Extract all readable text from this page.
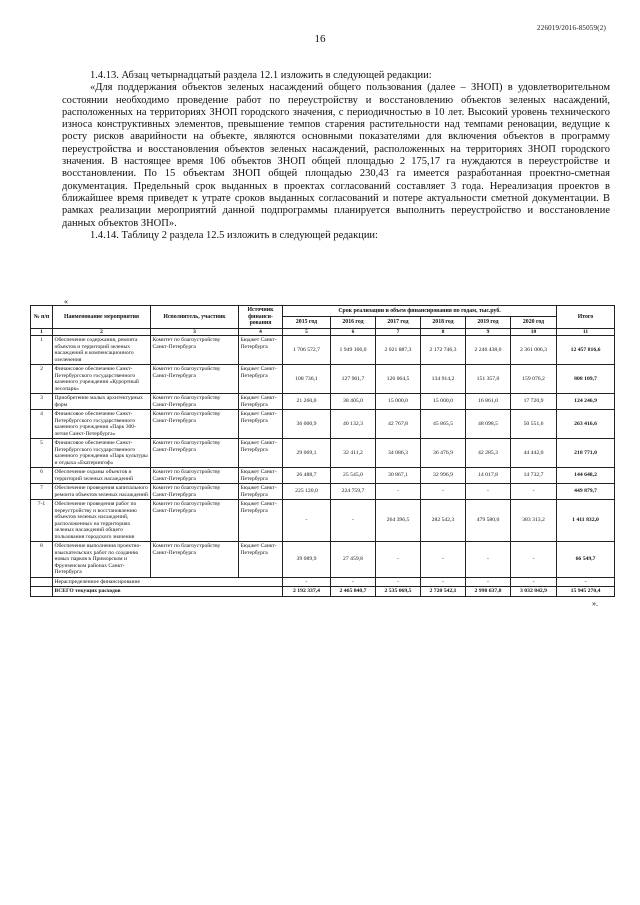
226019/2016-85059(2)
16

1.4.13. Абзац четырнадцатый раздела 12.1 изложить в следующей редакции:

«Для поддержания объектов зеленых насаждений общего пользования (далее – ЗНОП) в удовлетворительном состоянии необходимо проведение работ по переустройству и восстановлению объектов зеленых насаждений, расположенных на территориях ЗНОП городского значения, с периодичностью в 10 лет. Высокий уровень технического износа конструктивных элементов, превышение темпов старения растительности над темпами реновации, ведущие к росту рисков аварийности на объекте, являются основными показателями для включения объектов в программу переустройства и восстановления объектов зеленых насаждений, расположенных на территориях ЗНОП городского значения. В настоящее время 106 объектов ЗНОП общей площадью 2 175,17 га нуждаются в переустройстве и восстановлении. По 15 объектам ЗНОП общей площадью 230,43 га имеется разработанная проектно-сметная документация. Предельный срок выданных в проектах согласований составляет 3 года. Нереализация проектов в ближайшее время приведет к утрате сроков выданных согласований и потере актуальности сметной документации. В рамках реализации мероприятий данной подпрограммы планируется выполнить переустройство и восстановление данных объектов ЗНОП».

1.4.14. Таблицу 2 раздела 12.5 изложить в следующей редакции:

«
№ п/п	Наименование мероприятия	Исполнитель, участник	Источник финанси-рования	Срок реализации и объем финансирования по годам, тыс.руб.						Итого
				2015 год	2016 год	2017 год	2018 год	2019 год	2020 год	
1	2	3	4	5	6	7	8	9	10	11
1	Обеспечение содержания, ремонта объектов и территорий зеленых насаждений и компенсационного озеленения	Комитет по благоустройству Санкт-Петербурга	Бюджет Санкт-Петербурга	1 706 572,7	1 949 166,0	2 021 887,3	2 172 746,3	2 246 438,0	2 361 006,3	12 457 816,6
2	Финансовое обеспечение Санкт-Петербургского государственного казенного учреждения «Курортный лесопарк»	Комитет по благоустройству Санкт-Петербурга	Бюджет Санкт-Петербурга	108 736,1	127 961,7	126 064,5	134 914,2	151 357,0	159 076,2	808 109,7
3	Приобретение малых архитектурных форм	Комитет по благоустройству Санкт-Петербурга	Бюджет Санкт-Петербурга	21 260,0	38 405,0	15 000,0	15 000,0	16 861,0	17 720,9	124 246,9
4	Финансовое обеспечение Санкт-Петербургского государственного казенного учреждения «Парк 300-летия Санкт-Петербурга»	Комитет по благоустройству Санкт-Петербурга	Бюджет Санкт-Петербурга	36 000,9	40 132,3	42 767,8	45 865,5	48 098,5	50 551,6	263 416,6
5	Финансовое обеспечение Санкт-Петербургского государственного казенного учреждения «Парк культуры и отдыха «Екатерингоф»	Комитет по благоустройству Санкт-Петербурга	Бюджет Санкт-Петербурга	29 069,1	32 411,2	34 086,3	36 476,9	42 285,3	44 442,0	218 771,0
6	Обеспечение охраны объектов и территорий зеленых насаждений	Комитет по благоустройству Санкт-Петербурга	Бюджет Санкт-Петербурга	26 488,7	25 545,0	30 867,1	32 996,9	14 017,8	14 732,7	144 648,2
7	Обеспечение проведения капитального ремонта объектов зеленых насаждений	Комитет по благоустройству Санкт-Петербурга	Бюджет Санкт-Петербурга	225 120,0	224 759,7	-	-	-	-	449 879,7
7-1	Обеспечение проведения работ по переустройству и восстановлению объектов зеленых насаждений, расположенных на территориях зеленых насаждений общего пользования городского значения	Комитет по благоустройству Санкт-Петербурга	Бюджет Санкт-Петербурга	-	-	264 396,5	282 542,3	479 580,0	383 313,2	1 411 832,0
8	Обеспечение выполнения проектно-изыскательских работ по созданию новых парков в Приморском и Фрунзенском районах Санкт-Петербурга	Комитет по благоустройству Санкт-Петербурга	Бюджет Санкт-Петербурга	39 089,9	27 459,8	-	-	-	-	66 549,7
	Нераспределенное финансирование			-	-	-	-	-	-	-
	ВСЕГО текущих расходов			2 192 337,4	2 465 840,7	2 535 069,5	2 720 542,1	2 998 637,8	3 032 842,9	15 945 270,4
».
